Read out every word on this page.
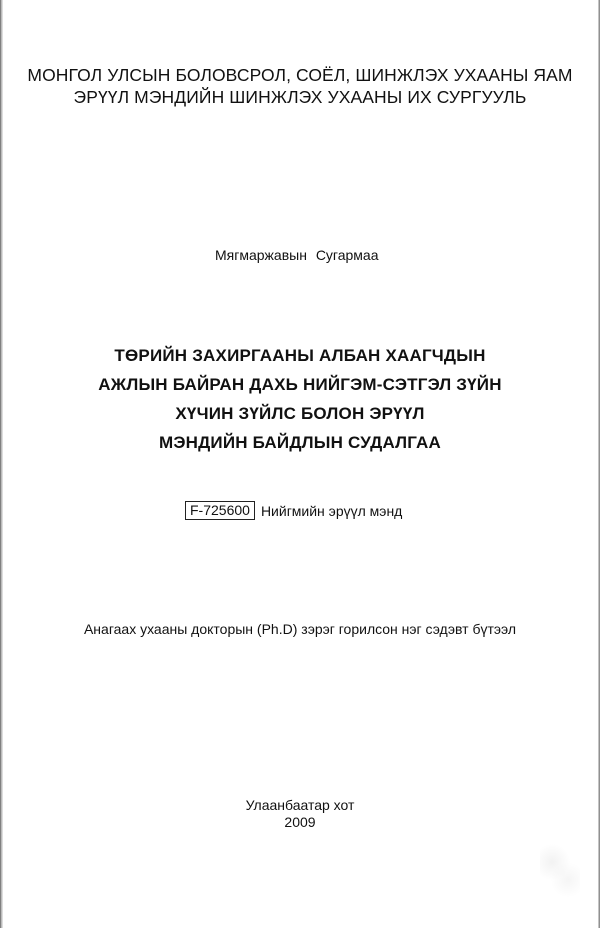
МОНГОЛ УЛСЫН БОЛОВСРОЛ, СОЁЛ, ШИНЖЛЭХ УХААНЫ ЯАМ
ЭРҮҮЛ МЭНДИЙН ШИНЖЛЭХ УХААНЫ ИХ СУРГУУЛЬ
Мягмаржавын Сугармаа
ТӨРИЙН ЗАХИРГААНЫ АЛБАН ХААГЧДЫН
АЖЛЫН БАЙРАН ДАХЬ НИЙГЭМ-СЭТГЭЛ ЗҮЙН
ХҮЧИН ЗҮЙЛС БОЛОН ЭРҮҮЛ
МЭНДИЙН БАЙДЛЫН СУДАЛГАА
F-725600 Нийгмийн эрүүл мэнд
Анагаах ухааны докторын (Ph.D) зэрэг горилсон нэг сэдэвт бүтээл
Улаанбаатар хот
2009
